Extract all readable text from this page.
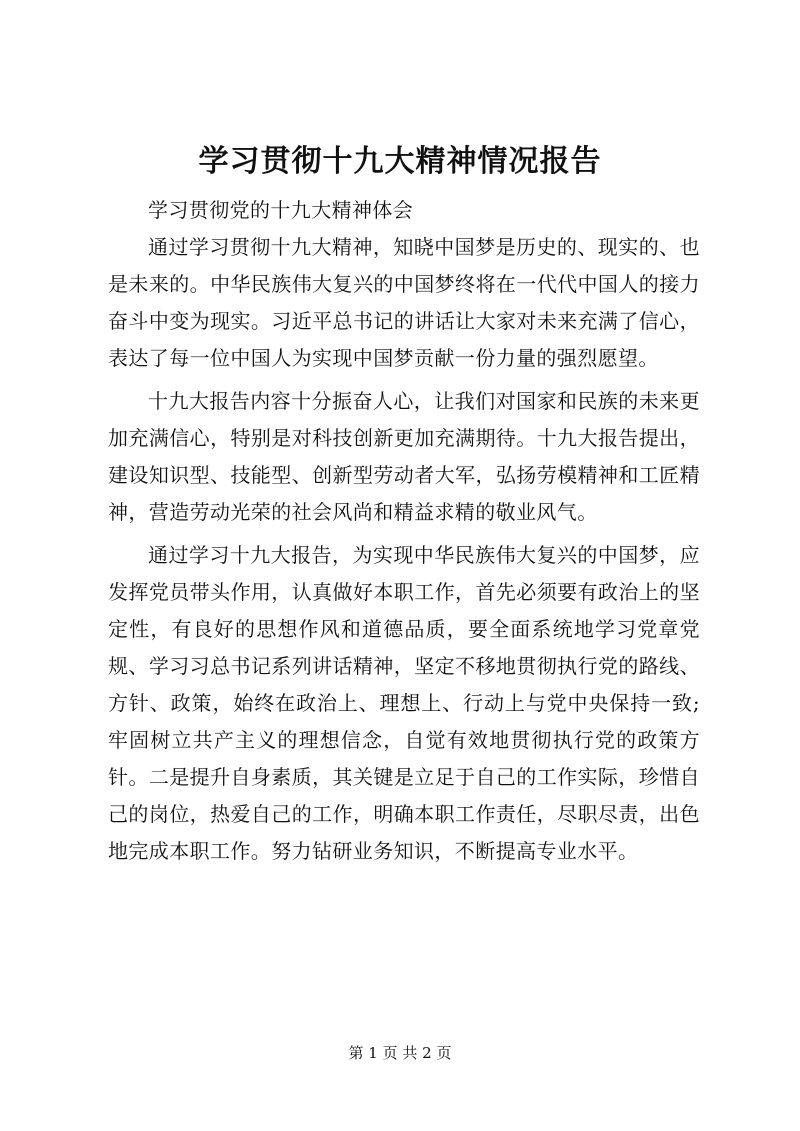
学习贯彻十九大精神情况报告

学习贯彻党的十九大精神体会

通过学习贯彻十九大精神，知晓中国梦是历史的、现实的、也是未来的。中华民族伟大复兴的中国梦终将在一代代中国人的接力奋斗中变为现实。习近平总书记的讲话让大家对未来充满了信心，表达了每一位中国人为实现中国梦贡献一份力量的强烈愿望。

十九大报告内容十分振奋人心，让我们对国家和民族的未来更加充满信心，特别是对科技创新更加充满期待。十九大报告提出，建设知识型、技能型、创新型劳动者大军，弘扬劳模精神和工匠精神，营造劳动光荣的社会风尚和精益求精的敬业风气。

通过学习十九大报告，为实现中华民族伟大复兴的中国梦，应发挥党员带头作用，认真做好本职工作，首先必须要有政治上的坚定性，有良好的思想作风和道德品质，要全面系统地学习党章党规、学习习总书记系列讲话精神，坚定不移地贯彻执行党的路线、方针、政策，始终在政治上、理想上、行动上与党中央保持一致;牢固树立共产主义的理想信念，自觉有效地贯彻执行党的政策方针。二是提升自身素质，其关键是立足于自己的工作实际，珍惜自己的岗位，热爱自己的工作，明确本职工作责任，尽职尽责，出色地完成本职工作。努力钻研业务知识，不断提高专业水平。

第 1 页 共 2 页
